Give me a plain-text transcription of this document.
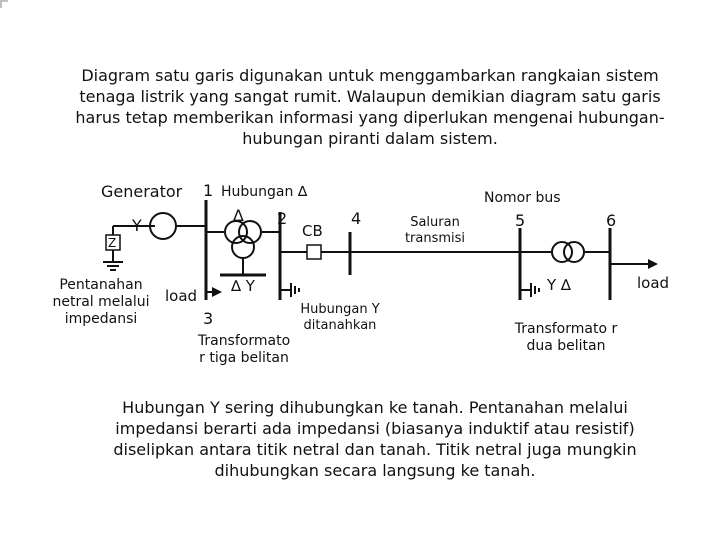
Diagram satu garis digunakan untuk menggambarkan rangkaian sistem tenaga listrik yang sangat rumit. Walaupun demikian diagram satu garis harus tetap memberikan informasi yang diperlukan mengenai hubungan-hubungan piranti dalam sistem.
Generator
Y
Z
Pentanahan netral melalui impedansi
load
1 Hubungan ∆
∆ 2
CB
4
∆ Y
3
Transformato r tiga belitan
Hubungan Y ditanahkan
Saluran transmisi
Nomor bus
5	6
Y ∆
Transformato r dua belitan
load
Hubungan Y sering dihubungkan ke tanah. Pentanahan melalui impedansi berarti ada impedansi (biasanya induktif atau resistif) diselipkan antara titik netral dan tanah. Titik netral juga mungkin dihubungkan secara langsung ke tanah.
